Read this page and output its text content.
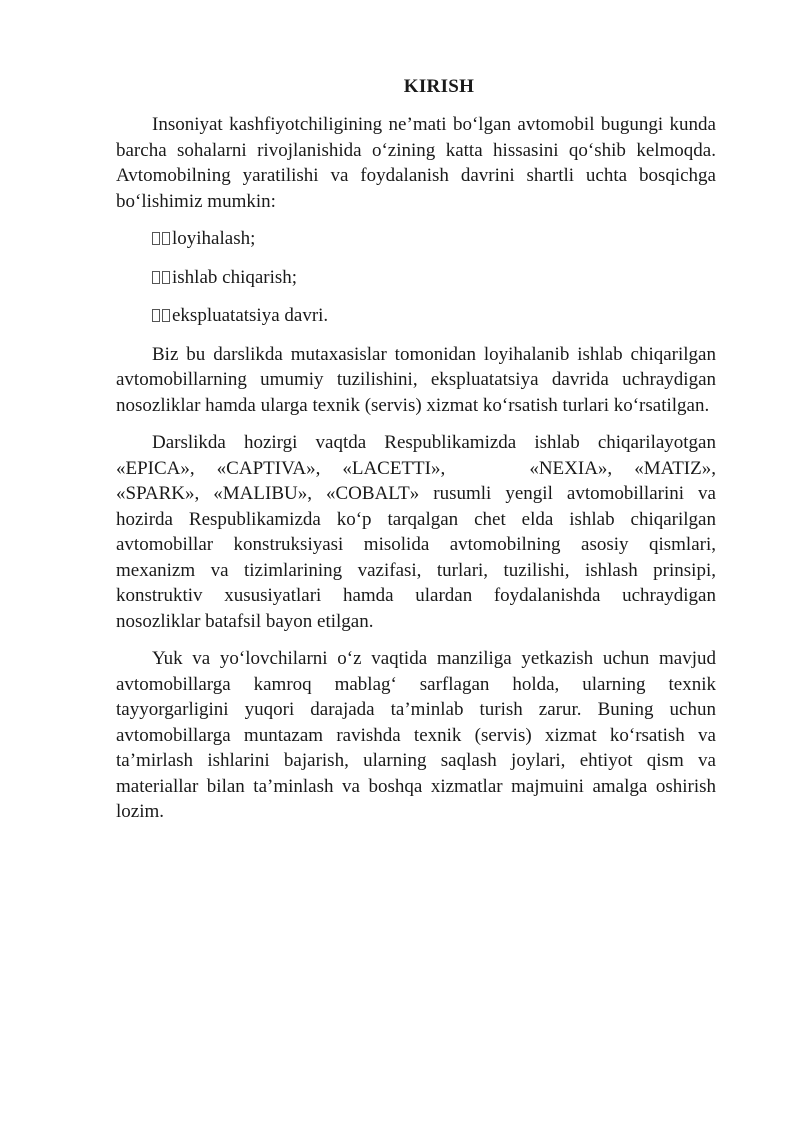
KIRISH

Insoniyat kashfiyotchiligining ne’mati bo‘lgan avtomobil bugungi kunda barcha sohalarni rivojlanishida o‘zining katta hissasini qo‘shib kelmoqda. Avtomobilning yaratilishi va foydalanish davrini shartli uchta bosqichga bo‘lishimiz mumkin:

loyihalash;
ishlab chiqarish;
ekspluatatsiya davri.

Biz bu darslikda mutaxasislar tomonidan loyihalanib ishlab chiqarilgan avtomobillarning umumiy tuzilishini, ekspluatatsiya davrida uchraydigan nosozliklar hamda ularga texnik (servis) xizmat ko‘rsatish turlari ko‘rsatilgan.

Darslikda hozirgi vaqtda Respublikamizda ishlab chiqarilayotgan «EPICA», «CAPTIVA», «LACETTI»,	«NEXIA», «MATIZ», «SPARK», «MALIBU», «COBALT» rusumli yengil avtomobillarini va hozirda Respublikamizda ko‘p tarqalgan chet elda ishlab chiqarilgan avtomobillar konstruksiyasi misolida avtomobilning asosiy qismlari, mexanizm va tizimlarining vazifasi, turlari, tuzilishi, ishlash prinsipi, konstruktiv xususiyatlari hamda ulardan foydalanishda uchraydigan nosozliklar batafsil bayon etilgan.

Yuk va yo‘lovchilarni o‘z vaqtida manziliga yetkazish uchun mavjud avtomobillarga kamroq mablag‘ sarflagan holda, ularning texnik tayyorgarligini yuqori darajada ta’minlab turish zarur. Buning uchun avtomobillarga muntazam ravishda texnik (servis) xizmat ko‘rsatish va ta’mirlash ishlarini bajarish, ularning saqlash joylari, ehtiyot qism va materiallar bilan ta’minlash va boshqa xizmatlar majmuini amalga oshirish lozim.
